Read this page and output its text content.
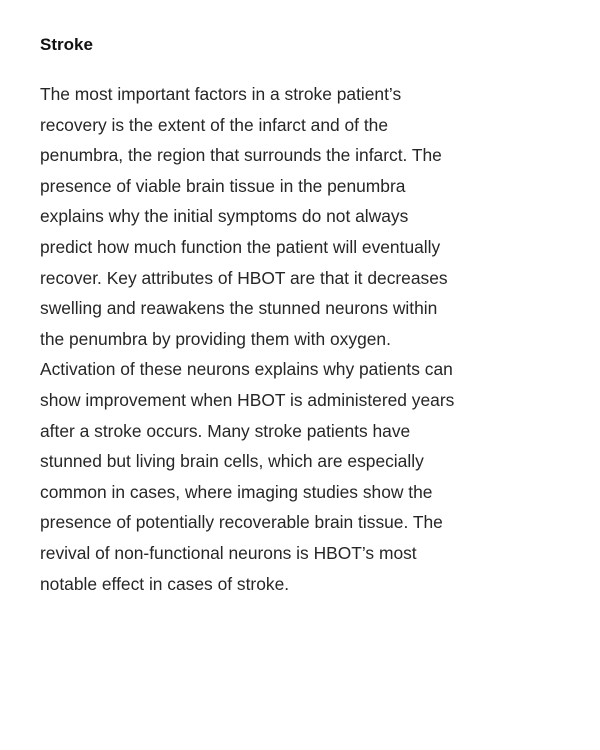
Stroke

The most important factors in a stroke patient’s
recovery is the extent of the infarct and of the
penumbra, the region that surrounds the infarct. The
presence of viable brain tissue in the penumbra
explains why the initial symptoms do not always
predict how much function the patient will eventually
recover. Key attributes of HBOT are that it decreases
swelling and reawakens the stunned neurons within
the penumbra by providing them with oxygen.
Activation of these neurons explains why patients can
show improvement when HBOT is administered years
after a stroke occurs. Many stroke patients have
stunned but living brain cells, which are especially
common in cases, where imaging studies show the
presence of potentially recoverable brain tissue. The
revival of non-functional neurons is HBOT’s most
notable effect in cases of stroke.
